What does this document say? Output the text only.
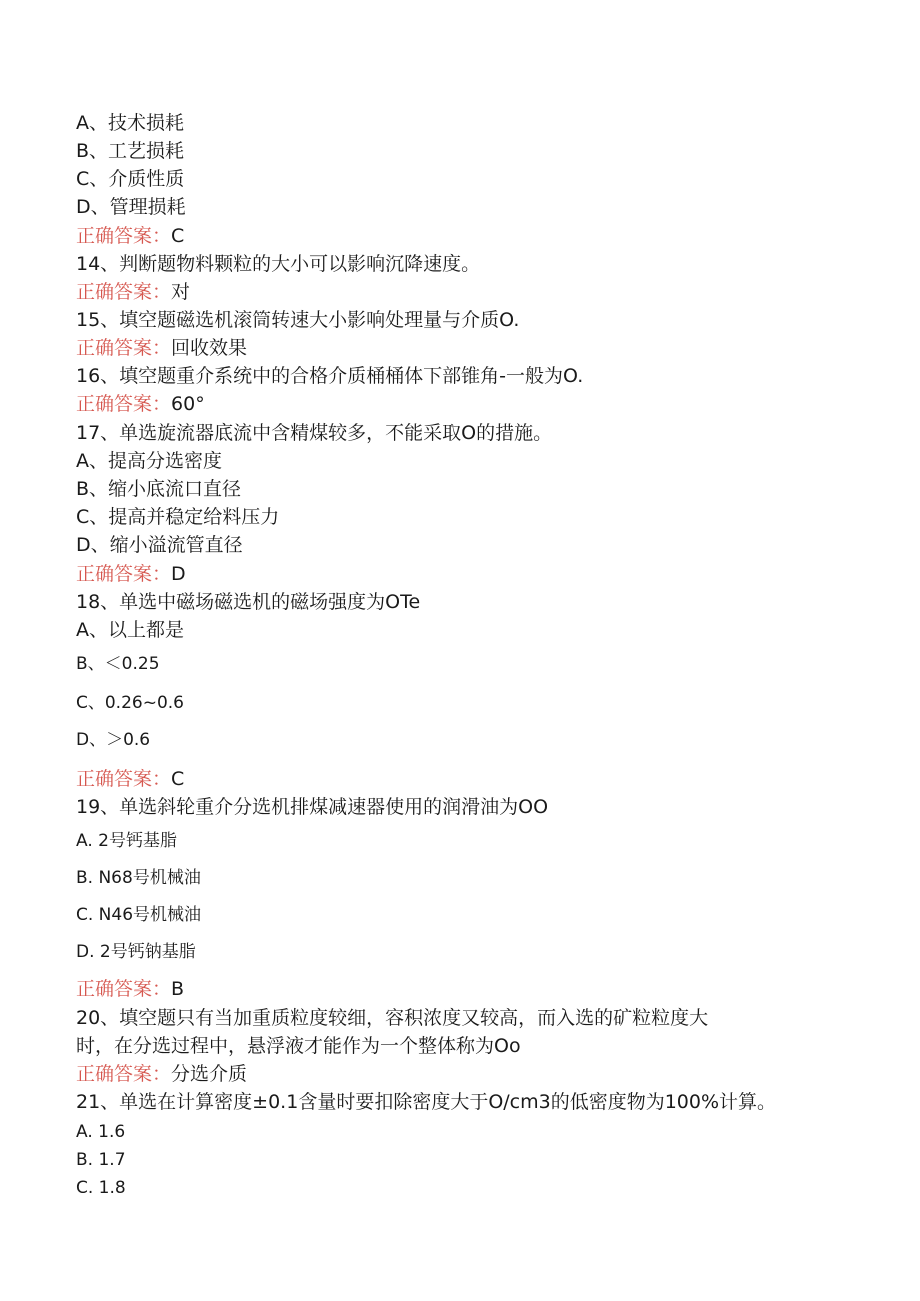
A、技术损耗
B、工艺损耗
C、介质性质
D、管理损耗
正确答案：C
14、判断题物料颗粒的大小可以影响沉降速度。
正确答案：对
15、填空题磁选机滚筒转速大小影响处理量与介质O.
正确答案：回收效果
16、填空题重介系统中的合格介质桶桶体下部锥角-一般为O.
正确答案：60°
17、单选旋流器底流中含精煤较多，不能采取O的措施。
A、提高分选密度
B、缩小底流口直径
C、提高并稳定给料压力
D、缩小溢流管直径
正确答案：D
18、单选中磁场磁选机的磁场强度为OTe
A、以上都是
B、＜0.25
C、0.26~0.6
D、＞0.6
正确答案：C
19、单选斜轮重介分选机排煤减速器使用的润滑油为OO
A. 2号钙基脂
B. N68号机械油
C. N46号机械油
D. 2号钙钠基脂
正确答案：B
20、填空题只有当加重质粒度较细，容积浓度又较高，而入选的矿粒粒度大
时，在分选过程中，悬浮液才能作为一个整体称为Oo
正确答案：分选介质
21、单选在计算密度±0.1含量时要扣除密度大于O/cm3的低密度物为100%计算。
A. 1.6
B. 1.7
C. 1.8
